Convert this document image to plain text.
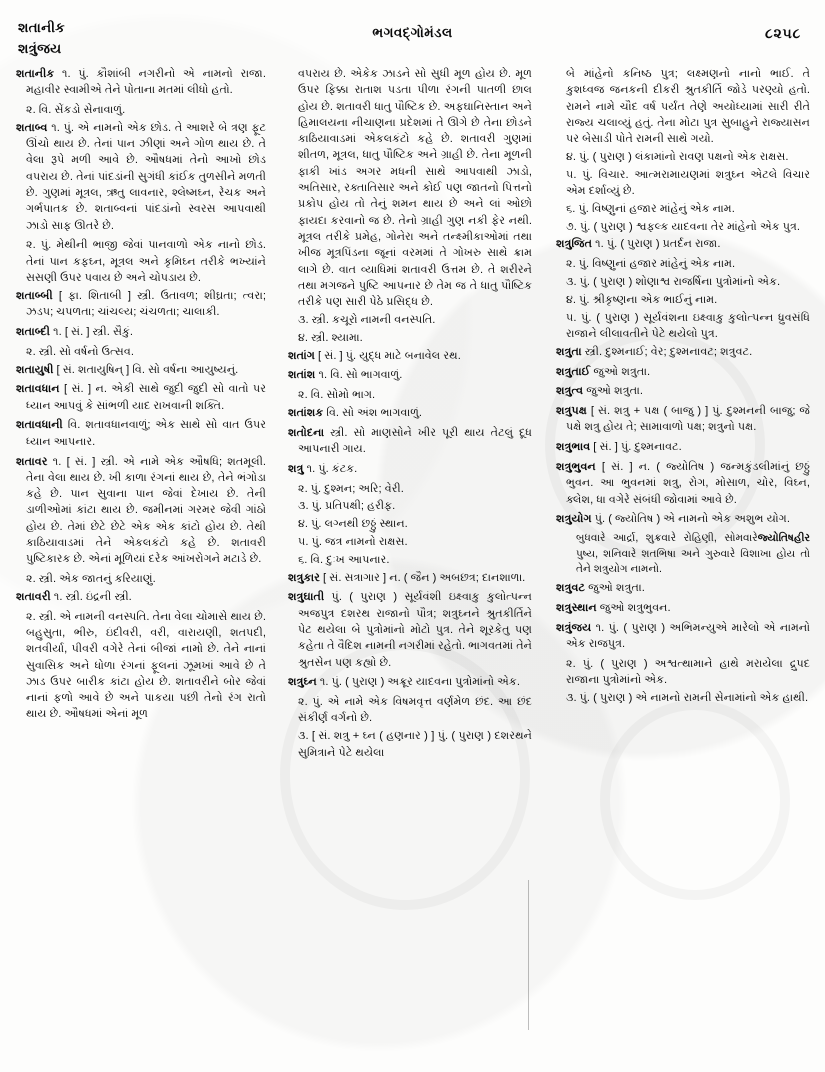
શતાનીક
શત્રુંજય
ભગવદ્‌ગોમંડલ	૮૨૫૮

શતાનીક ૧. પું. કૌશાંબી નગરીનો એ નામનો રાજા. મહાવીર સ્વામીએ તેને પોતાના મતમાં લીધો હતો.

૨. વિ. સેંકડો સેનાવાળું.

શતાબ્વ ૧. પું. એ નામનો એક છોડ. તે આશરે બે ત્રણ ફૂટ ઊંચો થાય છે. તેનાં પાન ઝીણાં અને ગોળ થાય છે. તે વેલા રૂપે મળી આવે છે. ઔષધમાં તેનો આખો છોડ વપરાય છે. તેનાં પાંદડાંની સુગંધી કાંઈક તુળસીને મળતી છે. ગુણમાં મૂત્રલ, ઋતુ લાવનાર, શ્લેષ્મઘ્ન, રેચક અને ગર્ભપાતક છે. શતાબ્વનાં પાંદડાંનો સ્વરસ આપવાથી ઝાડો સાફ ઊતરે છે.

૨. પું. મેથીની ભાજી જેવાં પાનવાળો એક નાનો છોડ. તેનાં પાન કફઘ્ન, મૂત્રલ અને કૃમિઘ્ન તરીકે ભખ્યાંને સસણી ઉપર પવાય છે અને ચોપડાય છે.

શતાબ્બી [ ફા. શિતાબી ] સ્ત્રી. ઉતાવળ; શીઘ્રતા; ત્વરા; ઝડપ; ચપળતા; ચાંચલ્ય; ચંચળતા; ચાલાકી.

શતાબ્દી ૧. [ સં. ] સ્ત્રી. સૈકું.

૨. સ્ત્રી. સો વર્ષનો ઉત્સવ.

શતાયુષી [ સં. શતાયુષિન્ ] વિ. સો વર્ષના આયુષ્યનું.

શતાવધાન [ સં. ] ન. એકી સાથે જુદી જુદી સો વાતો પર ધ્યાન આપવું કે સાંભળી યાદ રાખવાની શક્તિ.

શતાવધાની વિ. શતાવધાનવાળું; એક સાથે સો વાત ઉપર ધ્યાન આપનાર.

શતાવર ૧. [ સં. ] સ્ત્રી. એ નામે એક ઔષધિ; શતમૂલી. તેના વેલા થાય છે. ખી કાળા રંગનાં થાય છે, તેને ભંગોડા કહે છે. પાન સુવાના પાન જેવાં દેખાય છે. તેની ડાળીઓમાં કાંટા થાય છે. જમીનમાં ગરમર જેવી ગાંઠો હોય છે. તેમાં છેટે છેટે એક એક કાંટો હોય છે. તેથી કાઠિયાવાડમાં તેને એકલકંટો કહે છે. શતાવરી પુષ્ટિકારક છે. એનાં મૂળિયાં દરેક આંખરોગને મટાડે છે.

૨. સ્ત્રી. એક જાતનું કરિયાણું.

શતાવરી ૧. સ્ત્રી. ઇંદ્રની સ્ત્રી.

૨. સ્ત્રી. એ નામની વનસ્પતિ. તેના વેલા ચોમાસે થાય છે. બહુસુતા, ભીરુ, ઇંદીવરી, વરી, વારાયણી, શતપદી, શતવીર્યા, પીવરી વગેરે તેનાં બીજાં નામો છે. તેને નાનાં સુવાસિક અને ધોળા રંગનાં ફૂલનાં ઝૂમખાં આવે છે તે ઝાડ ઉપર બારીક કાંટા હોય છે. શતાવરીને બોર જેવાં નાનાં ફળો આવે છે અને પાકયા પછી તેનો રંગ રાતો થાય છે. ઔષધમાં એનાં મૂળ

વપરાય છે. એકેક ઝાડને સો સુધી મૂળ હોય છે. મૂળ ઉપર ફિક્કા રાતાશ પડતા પીળા રંગની પાતળી છાલ હોય છે. શતાવરી ધાતુ પૌષ્ટિક છે. અફઘાનિસ્તાન અને હિમાલયના નીચાણના પ્રદેશમાં તે ઊગે છે તેના છોડને કાઠિયાવાડમાં એકલકંટો કહે છે. શતાવરી ગુણમાં શીતળ, મૂત્રલ, ધાતુ પૌષ્ટિક અને ગ્રાહી છે. તેના મૂળની ફાકી ખાંડ અગર મધની સાથે આપવાથી ઝાડો, અતિસાર, રક્તાતિસાર અને કોઈ પણ જાતનો પિત્તનો પ્રકોપ હોય તો તેનું શમન થાય છે અને લાં ઓછો ફાયદા કરવાનો જ છે. તેનો ગ્રાહી ગુણ નકી ફેર નથી. મૂત્રલ તરીકે પ્રમેહ, ગોનેરા અને તન્ક્ષ્મીકાઓમાં તથા ખીજ મૂત્રપિંડના જૂનાં વરમમાં તે ગોખરુ સાથે ક્રામ લાગે છે. વાત વ્યાધિમાં શતાવરી ઉત્તમ છે. તે શરીરને તથા મગજને પુષ્ટિ આપનાર છે તેમ જ તે ધાતુ પૌષ્ટિક તરીકે પણ સારી પેઠે પ્રસિદ્ધ છે.

૩. સ્ત્રી. કચૂરો નામની વનસ્પતિ.

૪. સ્ત્રી. શ્યામા.

શતાંગ [ સં. ] પું. યુદ્ધ માટે બનાવેલ રથ.

શતાંશ ૧. વિ. સો ભાગવાળું.

૨. વિ. સોમો ભાગ.

શતાંશક વિ. સો અંશ ભાગવાળું.

શતોદના સ્ત્રી. સો માણસોને ખીર પૂરી થાય તેટલું દૂધ આપનારી ગાય.

શત્રુ ૧. પું. કંટક.

૨. પું. દુશ્મન; અરિ; વેરી.

૩. પું. પ્રતિપક્ષી; હરીફ.

૪. પું. લગ્નથી છઠ્ઠું સ્થાન.

૫. પું. જત્ર નામનો રાક્ષસ.

૬. વિ. દુઃખ આપનાર.

શત્રુકાર [ સં. સત્રાગાર ] ન. ( જૈન ) અબછત્ર; દાનશાળા.

શત્રુઘાતી પું. ( પુરાણ ) સૂર્યવંશી ઇક્ષ્વાકુ કુલોત્પન્ન અજપુત્ર દશરથ રાજાનો પૌત્ર; શત્રુઘ્નને શ્રુતકીર્તિને પેટ થયેલા બે પુત્રોમાંનો મોટો પુત્ર. તેને શૂરકેતુ પણ કહેતા તે વૈદિશ નામની નગરીમાં રહેતો. ભાગવતમાં તેને શ્રુતસેન પણ કહ્યો છે.

શત્રુઘ્ન ૧. પું. ( પુરાણ ) અક્રૂર યાદવના પુત્રોમાંનો એક.

૨. પું. એ નામે એક વિષમવૃત્ત વર્ણમેળ છંદ. આ છંદ સંકીર્ણ વર્ગનો છે.

૩. [ સં. શત્રુ + ઘ્ન ( હણનાર ) ] પું. ( પુરાણ ) દશરથને સુમિત્રાને પેટે થયેલા

બે માંહેનો કનિષ્ઠ પુત્ર; લક્ષ્મણનો નાનો ભાઈ. તે કુશધ્વજ જનકની દીકરી શ્રુતકીર્તિ જોડે પરણ્યો હતો. રામને નામે ચૌદ વર્ષ પર્યંત તેણે અયોધ્યામાં સારી રીતે રાજ્ય ચલાવ્યું હતું. તેના મોટા પુત્ર સુબાહુને રાજ્યાસન પર બેસાડી પોતે રામની સાથે ગયો.

૪. પું. ( પુરાણ ) લંકામાંનો રાવણ પક્ષનો એક રાક્ષસ.

૫. પું. વિચાર. આત્મરામાયણમાં શત્રુઘ્ન એટલે વિચાર એમ દર્શાવ્યું છે.

૬. પું. વિષ્ણુનાં હજાર માંહેનું એક નામ.

૭. પું. ( પુરાણ ) શ્વફલ્ક યાદવના તેર માંહેનો એક પુત્ર.

શત્રુજિત ૧. પું. ( પુરાણ ) પ્રતર્દન રાજા.

૨. પું. વિષ્ણુનાં હજાર માંહેનું એક નામ.

૩. પું. ( પુરાણ ) શોણાશ્વ રાજર્ષિના પુત્રોમાંનો એક.

૪. પું. શ્રીકૃષ્ણના એક ભાઈનું નામ.

૫. પું. ( પુરાણ ) સૂર્યવંશના ઇક્ષ્વાકુ કુલોત્પન્ન ધ્રુવસંધિ રાજાને લીલાવતીને પેટે થયેલો પુત્ર.

શત્રુતા સ્ત્રી. દુશ્મનાઈ; વેર; દુશ્મનાવટ; શત્રુવટ.

શત્રુતાઈ જુઓ શત્રુતા.

શત્રુત્વ જુઓ શત્રુતા.

શત્રુપક્ષ [ સં. શત્રુ + પક્ષ ( બાજુ ) ] પું. દુશ્મનની બાજુ; જે પક્ષે શત્રુ હોય તે; સામાવાળો પક્ષ; શત્રુનો પક્ષ.

શત્રુભાવ [ સં. ] પું. દુશ્મનાવટ.

શત્રુભુવન [ સં. ] ન. ( જ્યોતિષ ) જન્મકુંડલીમાંનું છઠ્ઠું ભુવન. આ ભુવનમાં શત્રુ, રોગ, મોસાળ, ચોર, વિઘ્ન, ક્લેશ, ધા વગેરે સંબંધી જોવામાં આવે છે.

શત્રુયોગ પું. ( જ્યોતિષ ) એ નામનો એક અશુભ યોગ.

જ્યોતિષહીર
બુધવારે આર્દ્રા, શુક્રવારે રોહિણી, સોમવારે પુષ્ય, શનિવારે શતભિષા અને ગુરુવારે વિશાખા હોય તો તેને શત્રુયોગ નામનો.

શત્રુવટ જુઓ શત્રુતા.

શત્રુસ્થાન જુઓ શત્રુભુવન.

શત્રુંજય ૧. પું. ( પુરાણ ) અભિમન્યુએ મારેલો એ નામનો એક રાજપુત્ર.

૨. પું. ( પુરાણ ) અશ્વત્થામાને હાથે મરાયેલા દ્રુપદ રાજાના પુત્રોમાંનો એક.

૩. પું. ( પુરાણ ) એ નામનો રામની સેનામાંનો એક હાથી.
